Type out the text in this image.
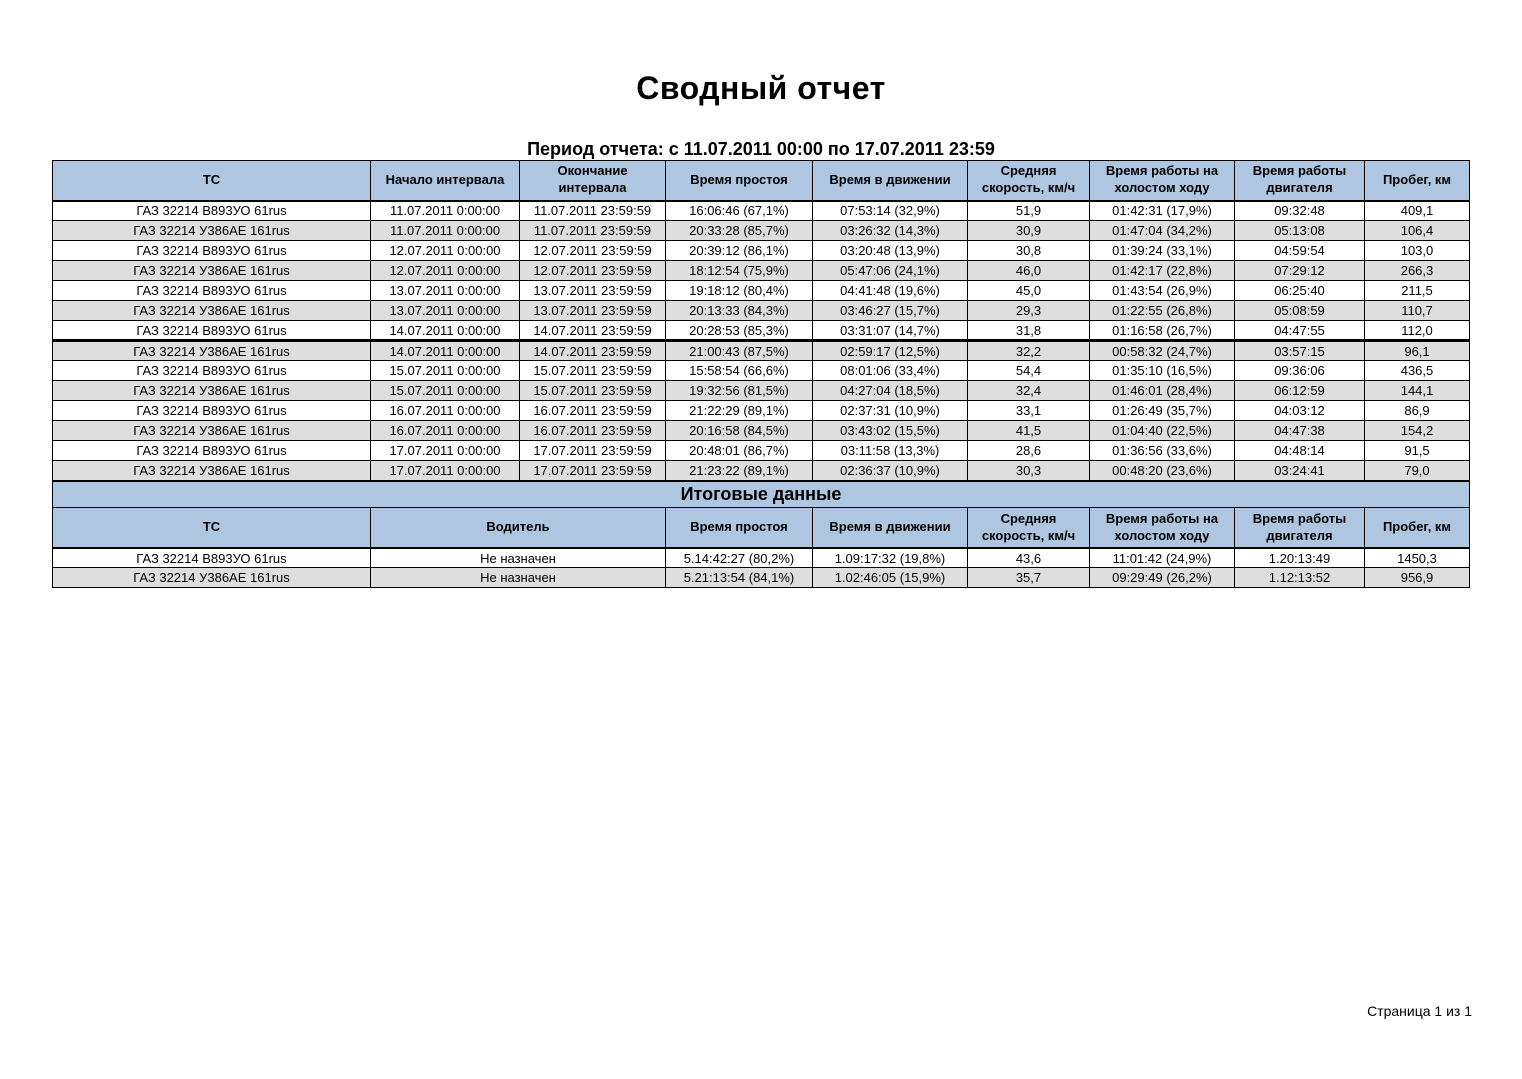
Сводный отчет
Период отчета: с 11.07.2011 00:00 по 17.07.2011 23:59
ТС	Начало интервала	Окончание интервала	Время простоя	Время в движении	Средняя скорость, км/ч	Время работы на холостом ходу	Время работы двигателя	Пробег, км
ГАЗ 32214 В893УО 61rus	11.07.2011 0:00:00	11.07.2011 23:59:59	16:06:46 (67,1%)	07:53:14 (32,9%)	51,9	01:42:31 (17,9%)	09:32:48	409,1
ГАЗ 32214 У386АЕ 161rus	11.07.2011 0:00:00	11.07.2011 23:59:59	20:33:28 (85,7%)	03:26:32 (14,3%)	30,9	01:47:04 (34,2%)	05:13:08	106,4
ГАЗ 32214 В893УО 61rus	12.07.2011 0:00:00	12.07.2011 23:59:59	20:39:12 (86,1%)	03:20:48 (13,9%)	30,8	01:39:24 (33,1%)	04:59:54	103,0
ГАЗ 32214 У386АЕ 161rus	12.07.2011 0:00:00	12.07.2011 23:59:59	18:12:54 (75,9%)	05:47:06 (24,1%)	46,0	01:42:17 (22,8%)	07:29:12	266,3
ГАЗ 32214 В893УО 61rus	13.07.2011 0:00:00	13.07.2011 23:59:59	19:18:12 (80,4%)	04:41:48 (19,6%)	45,0	01:43:54 (26,9%)	06:25:40	211,5
ГАЗ 32214 У386АЕ 161rus	13.07.2011 0:00:00	13.07.2011 23:59:59	20:13:33 (84,3%)	03:46:27 (15,7%)	29,3	01:22:55 (26,8%)	05:08:59	110,7
ГАЗ 32214 В893УО 61rus	14.07.2011 0:00:00	14.07.2011 23:59:59	20:28:53 (85,3%)	03:31:07 (14,7%)	31,8	01:16:58 (26,7%)	04:47:55	112,0
ГАЗ 32214 У386АЕ 161rus	14.07.2011 0:00:00	14.07.2011 23:59:59	21:00:43 (87,5%)	02:59:17 (12,5%)	32,2	00:58:32 (24,7%)	03:57:15	96,1
ГАЗ 32214 В893УО 61rus	15.07.2011 0:00:00	15.07.2011 23:59:59	15:58:54 (66,6%)	08:01:06 (33,4%)	54,4	01:35:10 (16,5%)	09:36:06	436,5
ГАЗ 32214 У386АЕ 161rus	15.07.2011 0:00:00	15.07.2011 23:59:59	19:32:56 (81,5%)	04:27:04 (18,5%)	32,4	01:46:01 (28,4%)	06:12:59	144,1
ГАЗ 32214 В893УО 61rus	16.07.2011 0:00:00	16.07.2011 23:59:59	21:22:29 (89,1%)	02:37:31 (10,9%)	33,1	01:26:49 (35,7%)	04:03:12	86,9
ГАЗ 32214 У386АЕ 161rus	16.07.2011 0:00:00	16.07.2011 23:59:59	20:16:58 (84,5%)	03:43:02 (15,5%)	41,5	01:04:40 (22,5%)	04:47:38	154,2
ГАЗ 32214 В893УО 61rus	17.07.2011 0:00:00	17.07.2011 23:59:59	20:48:01 (86,7%)	03:11:58 (13,3%)	28,6	01:36:56 (33,6%)	04:48:14	91,5
ГАЗ 32214 У386АЕ 161rus	17.07.2011 0:00:00	17.07.2011 23:59:59	21:23:22 (89,1%)	02:36:37 (10,9%)	30,3	00:48:20 (23,6%)	03:24:41	79,0
Итоговые данные							
ТС	Водитель	Время простоя	Время в движении	Средняя скорость, км/ч	Время работы на холостом ходу	Время работы двигателя	Пробег, км
ГАЗ 32214 В893УО 61rus	Не назначен	5.14:42:27 (80,2%)	1.09:17:32 (19,8%)	43,6	11:01:42 (24,9%)	1.20:13:49	1450,3
ГАЗ 32214 У386АЕ 161rus	Не назначен	5.21:13:54 (84,1%)	1.02:46:05 (15,9%)	35,7	09:29:49 (26,2%)	1.12:13:52	956,9
Страница 1 из 1
